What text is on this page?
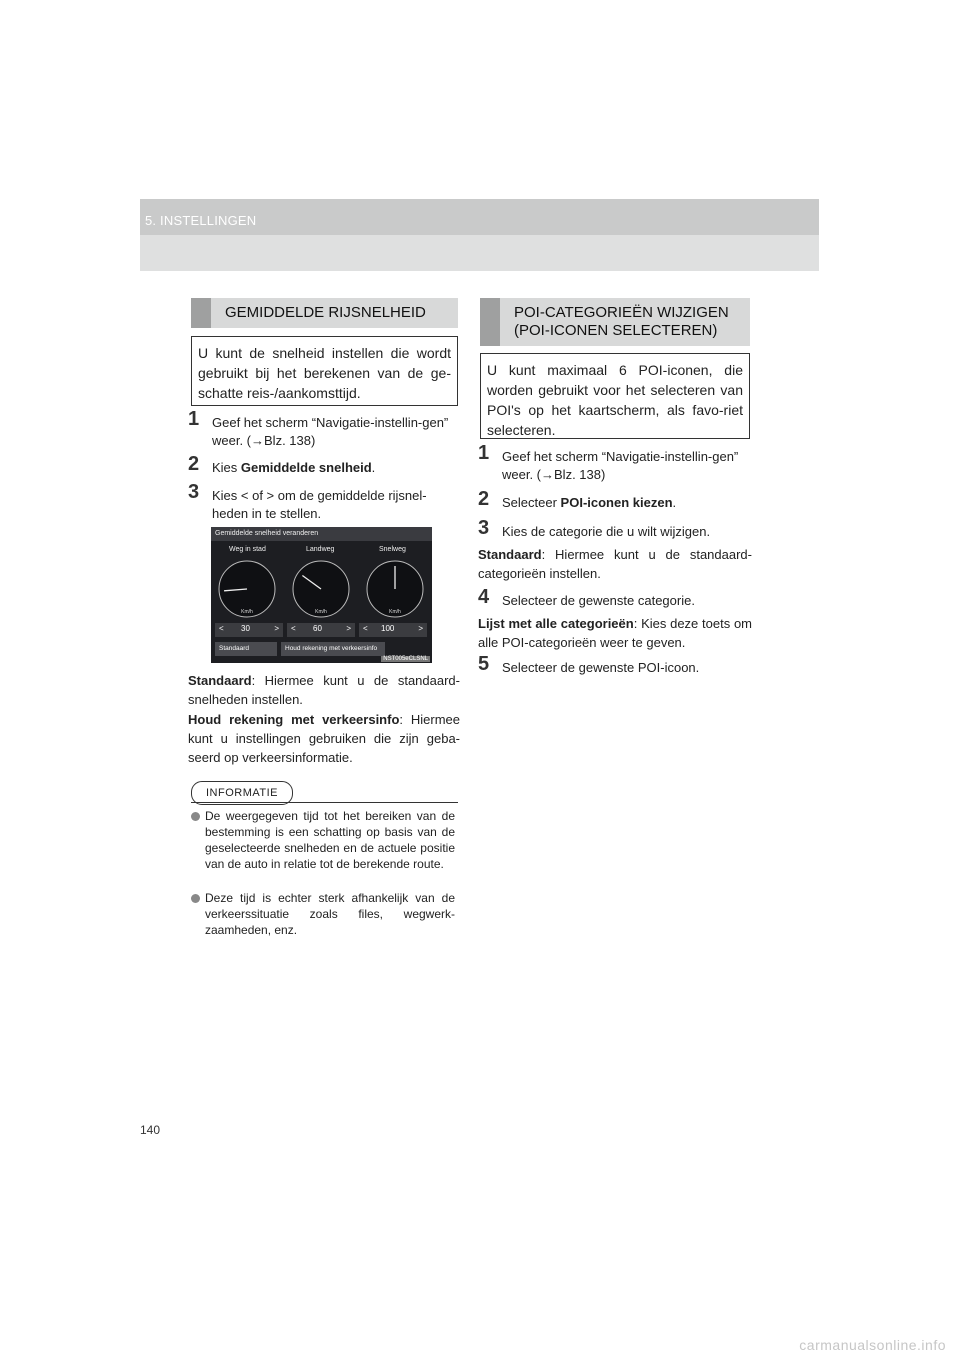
5. INSTELLINGEN
GEMIDDELDE RIJSNELHEID
U kunt de snelheid instellen die wordt gebruikt bij het berekenen van de ge-schatte reis-/aankomsttijd.
1 Geef het scherm “Navigatie-instellin-gen” weer. (→Blz. 138)
2 Kies Gemiddelde snelheid.
3 Kies < of > om de gemiddelde rijsnel-heden in te stellen.
Gemiddelde snelheid veranderen
Weg in stad	Landweg	Snelweg
Km/h	Km/h	Km/h
< 30	> < 60	> < 100	>
Standaard	Houd rekening met verkeersinfo
NST005eCLSNL
Standaard: Hiermee kunt u de standaard-snelheden instellen.
Houd rekening met verkeersinfo: Hiermee kunt u instellingen gebruiken die zijn geba-seerd op verkeersinformatie.
INFORMATIE
De weergegeven tijd tot het bereiken van de bestemming is een schatting op basis van de geselecteerde snelheden en de actuele positie van de auto in relatie tot de berekende route.
Deze tijd is echter sterk afhankelijk van de verkeerssituatie zoals files, wegwerk-zaamheden, enz.
POI-CATEGORIEËN WIJZIGEN
(POI-ICONEN SELECTEREN)
U kunt maximaal 6 POI-iconen, die worden gebruikt voor het selecteren van POI's op het kaartscherm, als favo-riet selecteren.
1 Geef het scherm “Navigatie-instellin-gen” weer. (→Blz. 138)
2 Selecteer POI-iconen kiezen.
3 Kies de categorie die u wilt wijzigen.
Standaard: Hiermee kunt u de standaard-categorieën instellen.
4 Selecteer de gewenste categorie.
Lijst met alle categorieën: Kies deze toets om alle POI-categorieën weer te geven.
5 Selecteer de gewenste POI-icoon.
140
carmanualsonline.info
